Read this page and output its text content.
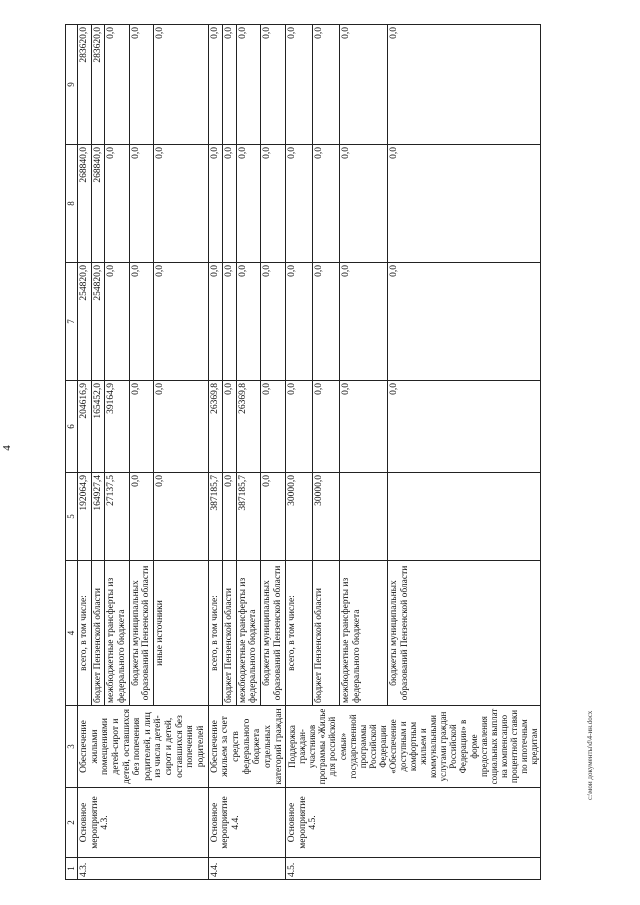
4
1	2	3	4	5	6	7	8	9
4.3.	Основное мероприятие 4.3.	Обеспечение жилыми помещениями детей-сирот и детей, оставшихся без попечения родителей, и лиц из числа детей-сирот и детей, оставшихся без попечения родителей	всего, в том числе:	192064,9	204616,9	254820,0	268840,0	283620,0
			бюджет Пензенской области	164927,4	165452,0	254820,0	268840,0	283620,0
			межбюджетные трансферты из федерального бюджета	27137,5	39164,9	0,0	0,0	0,0
			бюджеты муниципальных образований Пензенской области	0,0	0,0	0,0	0,0	0,0
			иные источники	0,0	0,0	0,0	0,0	0,0
4.4.	Основное мероприятие 4.4.	Обеспечение жильем за счет средств федерального бюджета отдельных категорий граждан	всего, в том числе:	387185,7	26369,8	0,0	0,0	0,0
			бюджет Пензенской области	0,0	0,0	0,0	0,0	0,0
			межбюджетные трансферты из федерального бюджета	387185,7	26369,8	0,0	0,0	0,0
			бюджеты муниципальных образований Пензенской области	0,0	0,0	0,0	0,0	0,0
4.5.	Основное мероприятие 4.5.	Поддержка граждан-участников программы «Жилье для российской семьи» государственной программы Российской Федерации «Обеспечение доступным и комфортным жильем и коммунальными услугами граждан Российской Федерации» в форме предоставления социальных выплат на компенсацию процентной ставки по ипотечным кредитам	всего, в том числе:	30000,0	0,0	0,0	0,0	0,0
			бюджет Пензенской области	30000,0	0,0	0,0	0,0	0,0
			межбюджетные трансферты из федерального бюджета		0,0	0,0	0,0	0,0
			бюджеты муниципальных образований Пензенской области		0,0	0,0	0,0	0,0
c:\мои документы\d\4-ин.docx
